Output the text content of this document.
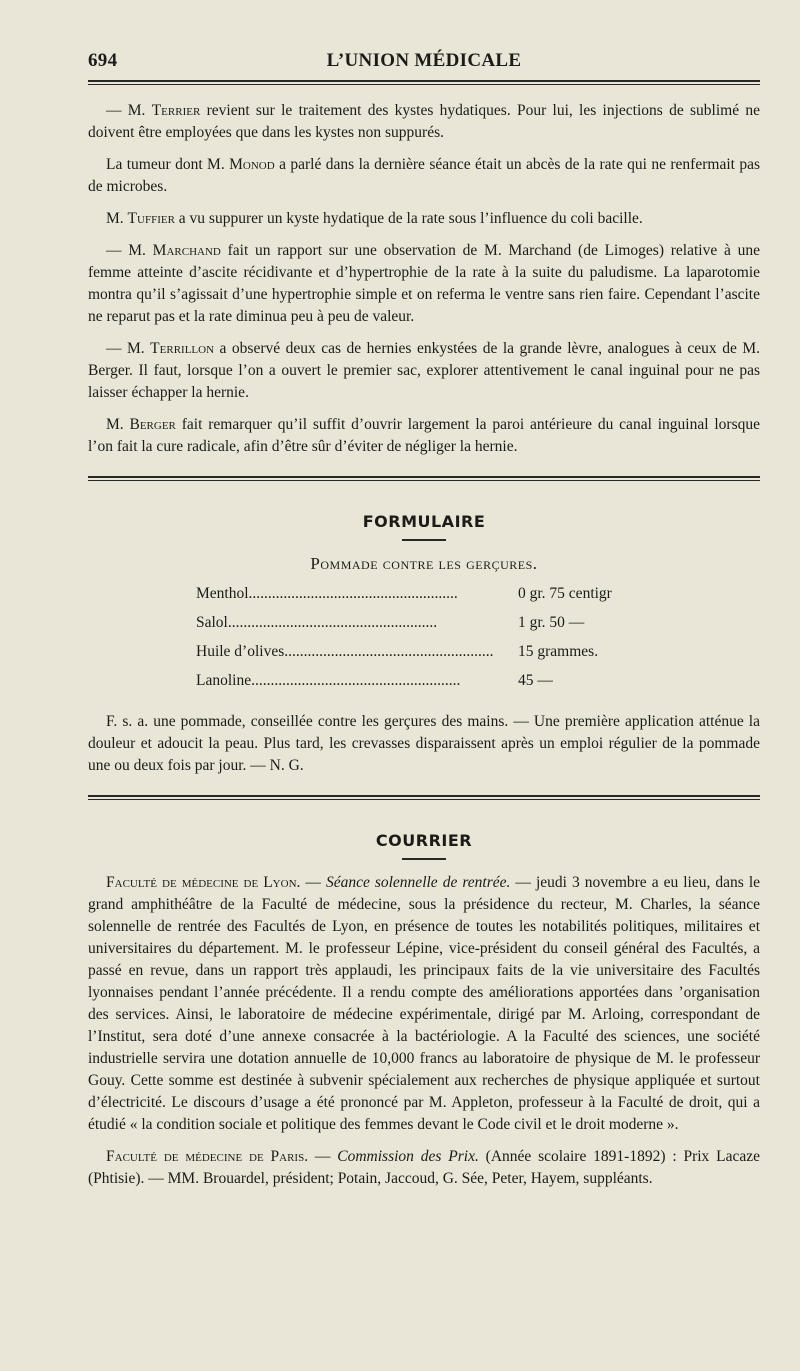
694	L’UNION MÉDICALE

— M. Terrier revient sur le traitement des kystes hydatiques. Pour lui, les injections de sublimé ne doivent être employées que dans les kystes non suppurés.

La tumeur dont M. Monod a parlé dans la dernière séance était un abcès de la rate qui ne renfermait pas de microbes.

M. Tuffier a vu suppurer un kyste hydatique de la rate sous l’influence du coli bacille.

— M. Marchand fait un rapport sur une observation de M. Marchand (de Limoges) relative à une femme atteinte d’ascite récidivante et d’hypertrophie de la rate à la suite du paludisme. La laparotomie montra qu’il s’agissait d’une hypertrophie simple et on referma le ventre sans rien faire. Cependant l’ascite ne reparut pas et la rate diminua peu à peu de valeur.

— M. Terrillon a observé deux cas de hernies enkystées de la grande lèvre, analogues à ceux de M. Berger. Il faut, lorsque l’on a ouvert le premier sac, explorer attentivement le canal inguinal pour ne pas laisser échapper la hernie.

M. Berger fait remarquer qu’il suffit d’ouvrir largement la paroi antérieure du canal inguinal lorsque l’on fait la cure radicale, afin d’être sûr d’éviter de négliger la hernie.

FORMULAIRE
Pommade contre les gerçures.
Menthol......................................................	0 gr. 75 centigr
Salol......................................................	1 gr. 50 —
Huile d’olives......................................................	15 grammes.
Lanoline......................................................	45 —

F. s. a. une pommade, conseillée contre les gerçures des mains. — Une première application atténue la douleur et adoucit la peau. Plus tard, les crevasses disparaissent après un emploi régulier de la pommade une ou deux fois par jour. — N. G.

COURRIER

Faculté de médecine de Lyon. — Séance solennelle de rentrée. — jeudi 3 novembre a eu lieu, dans le grand amphithéâtre de la Faculté de médecine, sous la présidence du recteur, M. Charles, la séance solennelle de rentrée des Facultés de Lyon, en présence de toutes les notabilités politiques, militaires et universitaires du département. M. le professeur Lépine, vice-président du conseil général des Facultés, a passé en revue, dans un rapport très applaudi, les principaux faits de la vie universitaire des Facultés lyonnaises pendant l’année précédente. Il a rendu compte des améliorations apportées dans ’organisation des services. Ainsi, le laboratoire de médecine expérimentale, dirigé par M. Arloing, correspondant de l’Institut, sera doté d’une annexe consacrée à la bactériologie. A la Faculté des sciences, une société industrielle servira une dotation annuelle de 10,000 francs au laboratoire de physique de M. le professeur Gouy. Cette somme est destinée à subvenir spécialement aux recherches de physique appliquée et surtout d’électricité. Le discours d’usage a été prononcé par M. Appleton, professeur à la Faculté de droit, qui a étudié « la condition sociale et politique des femmes devant le Code civil et le droit moderne ».

Faculté de médecine de Paris. — Commission des Prix. (Année scolaire 1891-1892) : Prix Lacaze (Phtisie). — MM. Brouardel, président; Potain, Jaccoud, G. Sée, Peter, Hayem, suppléants.
